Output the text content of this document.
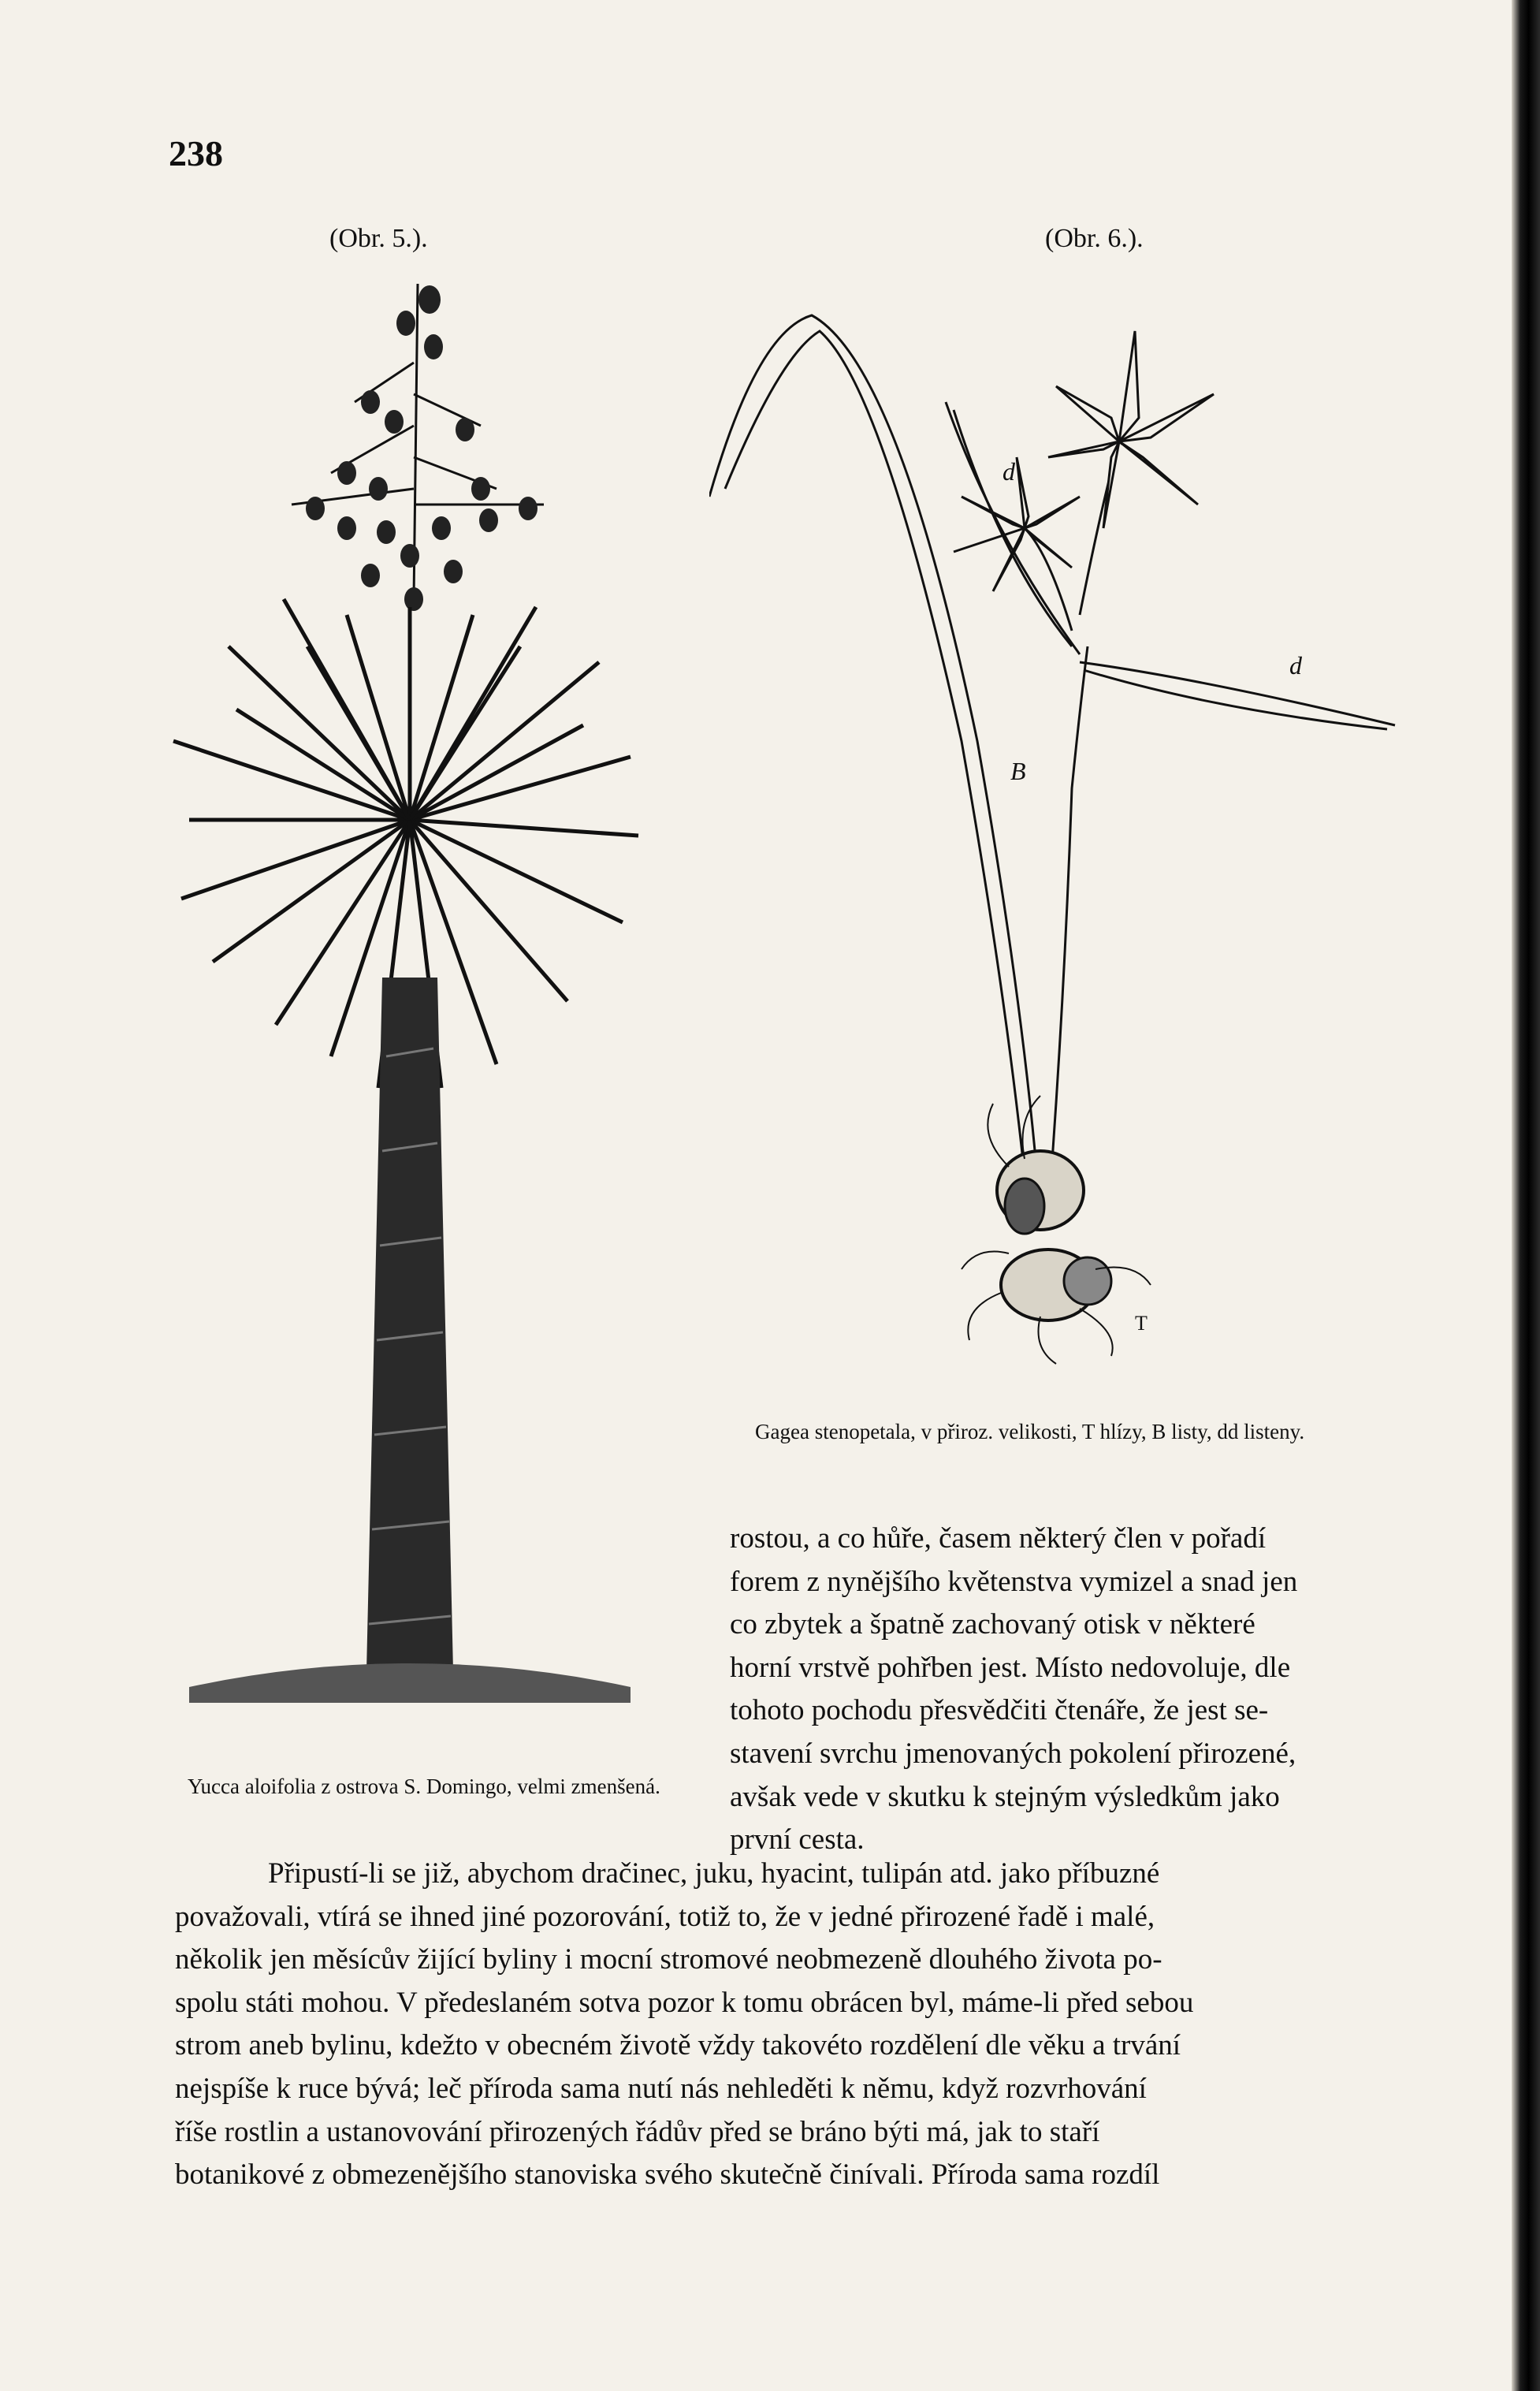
238
(Obr. 5.).	(Obr. 6.).
d
d
B
T
Gagea stenopetala, v přiroz. velikosti, T hlízy, B listy, dd listeny.
Yucca aloifolia z ostrova S. Domingo, velmi zmenšená.
rostou, a co hůře, časem některý člen v pořadí
forem z nynějšího květenstva vymizel a snad jen
co zbytek a špatně zachovaný otisk v některé
horní vrstvě pohřben jest. Místo nedovoluje, dle
tohoto pochodu přesvědčiti čtenáře, že jest se-
stavení svrchu jmenovaných pokolení přirozené,
avšak vede v skutku k stejným výsledkům jako
první cesta.
Připustí-li se již, abychom dračinec, juku, hyacint, tulipán atd. jako příbuzné
považovali, vtírá se ihned jiné pozorování, totiž to, že v jedné přirozené řadě i malé,
několik jen měsícův žijící byliny i mocní stromové neobmezeně dlouhého života po-
spolu státi mohou. V předeslaném sotva pozor k tomu obrácen byl, máme-li před sebou
strom aneb bylinu, kdežto v obecném životě vždy takovéto rozdělení dle věku a trvání
nejspíše k ruce bývá; leč příroda sama nutí nás nehleděti k němu, když rozvrhování
říše rostlin a ustanovování přirozených řádův před se bráno býti má, jak to staří
botanikové z obmezenějšího stanoviska svého skutečně činívali. Příroda sama rozdíl
